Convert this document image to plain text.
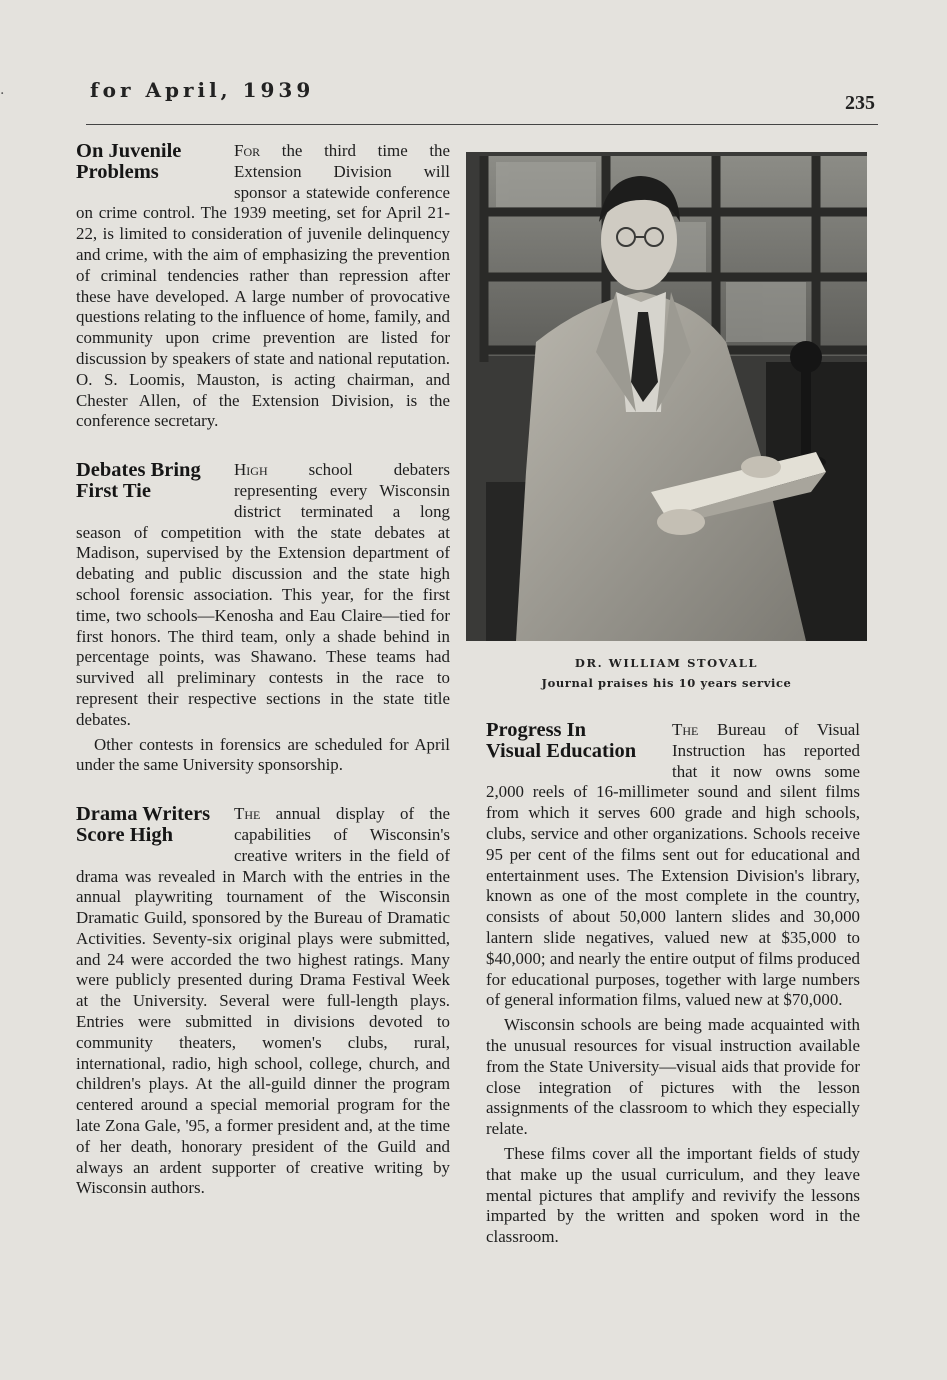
·	for April, 1939
235
On Juvenile
Problems

For the third time the Extension Division will sponsor a statewide conference on crime control. The 1939 meeting, set for April 21-22, is limited to consideration of juvenile delinquency and crime, with the aim of emphasizing the prevention of criminal tendencies rather than repression after these have developed. A large number of provocative questions relating to the influence of home, family, and community upon crime prevention are listed for discussion by speakers of state and national reputation. O. S. Loomis, Mauston, is acting chairman, and Chester Allen, of the Extension Division, is the conference secretary.

Debates Bring
First Tie

High school debaters representing every Wisconsin district terminated a long season of competition with the state debates at Madison, supervised by the Extension department of debating and public discussion and the state high school forensic association. This year, for the first time, two schools—Kenosha and Eau Claire—tied for first honors. The third team, only a shade behind in percentage points, was Shawano. These teams had survived all preliminary contests in the race to represent their respective sections in the state title debates.

Other contests in forensics are scheduled for April under the same University sponsorship.

Drama Writers
Score High

The annual display of the capabilities of Wisconsin's creative writers in the field of drama was revealed in March with the entries in the annual playwriting tournament of the Wisconsin Dramatic Guild, sponsored by the Bureau of Dramatic Activities. Seventy-six original plays were submitted, and 24 were accorded the two highest ratings. Many were publicly presented during Drama Festival Week at the University. Several were full-length plays. Entries were submitted in divisions devoted to community theaters, women's clubs, rural, international, radio, high school, college, church, and children's plays. At the all-guild dinner the program centered around a special memorial program for the late Zona Gale, '95, a former president and, at the time of her death, honorary president of the Guild and always an ardent supporter of creative writing by Wisconsin authors.

DR. WILLIAM STOVALL
Journal praises his 10 years service
Progress In
Visual Education

The Bureau of Visual Instruction has reported that it now owns some 2,000 reels of 16-millimeter sound and silent films from which it serves 600 grade and high schools, clubs, service and other organizations. Schools receive 95 per cent of the films sent out for educational and entertainment uses. The Extension Division's library, known as one of the most complete in the country, consists of about 50,000 lantern slides and 30,000 lantern slide negatives, valued new at $35,000 to $40,000; and nearly the entire output of films produced for educational purposes, together with large numbers of general information films, valued new at $70,000.

Wisconsin schools are being made acquainted with the unusual resources for visual instruction available from the State University—visual aids that provide for close integration of pictures with the lesson assignments of the classroom to which they especially relate.

These films cover all the important fields of study that make up the usual curriculum, and they leave mental pictures that amplify and revivify the lessons imparted by the written and spoken word in the classroom.
